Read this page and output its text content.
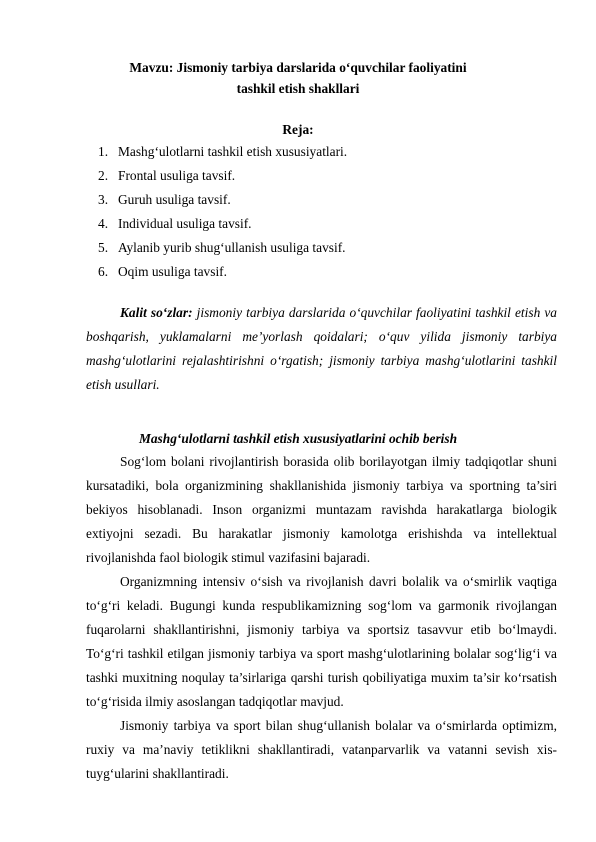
Mavzu: Jismoniy tarbiya darslarida o‘quvchilar faoliyatini
tashkil etish shakllari
Reja:
1. Mashg‘ulotlarni tashkil etish xususiyatlari.
2. Frontal usuliga tavsif.
3. Guruh usuliga tavsif.
4. Individual usuliga tavsif.
5. Aylanib yurib shug‘ullanish usuliga tavsif.
6. Oqim usuliga tavsif.

Kalit so‘zlar: jismoniy tarbiya darslarida o‘quvchilar faoliyatini tashkil etish va boshqarish, yuklamalarni me’yorlash qoidalari; o‘quv yilida jismoniy tarbiya mashg‘ulotlarini rejalashtirishni o‘rgatish; jismoniy tarbiya mashg‘ulotlarini tashkil etish usullari.

Mashg‘ulotlarni tashkil etish xususiyatlarini ochib berish

Sog‘lom bolani rivojlantirish borasida olib borilayotgan ilmiy tadqiqotlar shuni kursatadiki, bola organizmining shakllanishida jismoniy tarbiya va sportning ta’siri bekiyos hisoblanadi. Inson organizmi muntazam ravishda harakatlarga biologik extiyojni sezadi. Bu harakatlar jismoniy kamolotga erishishda va intellektual rivojlanishda faol biologik stimul vazifasini bajaradi.

Organizmning intensiv o‘sish va rivojlanish davri bolalik va o‘smirlik vaqtiga to‘g‘ri keladi. Bugungi kunda respublikamizning sog‘lom va garmonik rivojlangan fuqarolarni shakllantirishni, jismoniy tarbiya va sportsiz tasavvur etib bo‘lmaydi. To‘g‘ri tashkil etilgan jismoniy tarbiya va sport mashg‘ulotlarining bolalar sog‘lig‘i va tashki muxitning noqulay ta’sirlariga qarshi turish qobiliyatiga muxim ta’sir ko‘rsatish to‘g‘risida ilmiy asoslangan tadqiqotlar mavjud.

Jismoniy tarbiya va sport bilan shug‘ullanish bolalar va o‘smirlarda optimizm, ruxiy va ma’naviy tetiklikni shakllantiradi, vatanparvarlik va vatanni sevish xis-tuyg‘ularini shakllantiradi.
